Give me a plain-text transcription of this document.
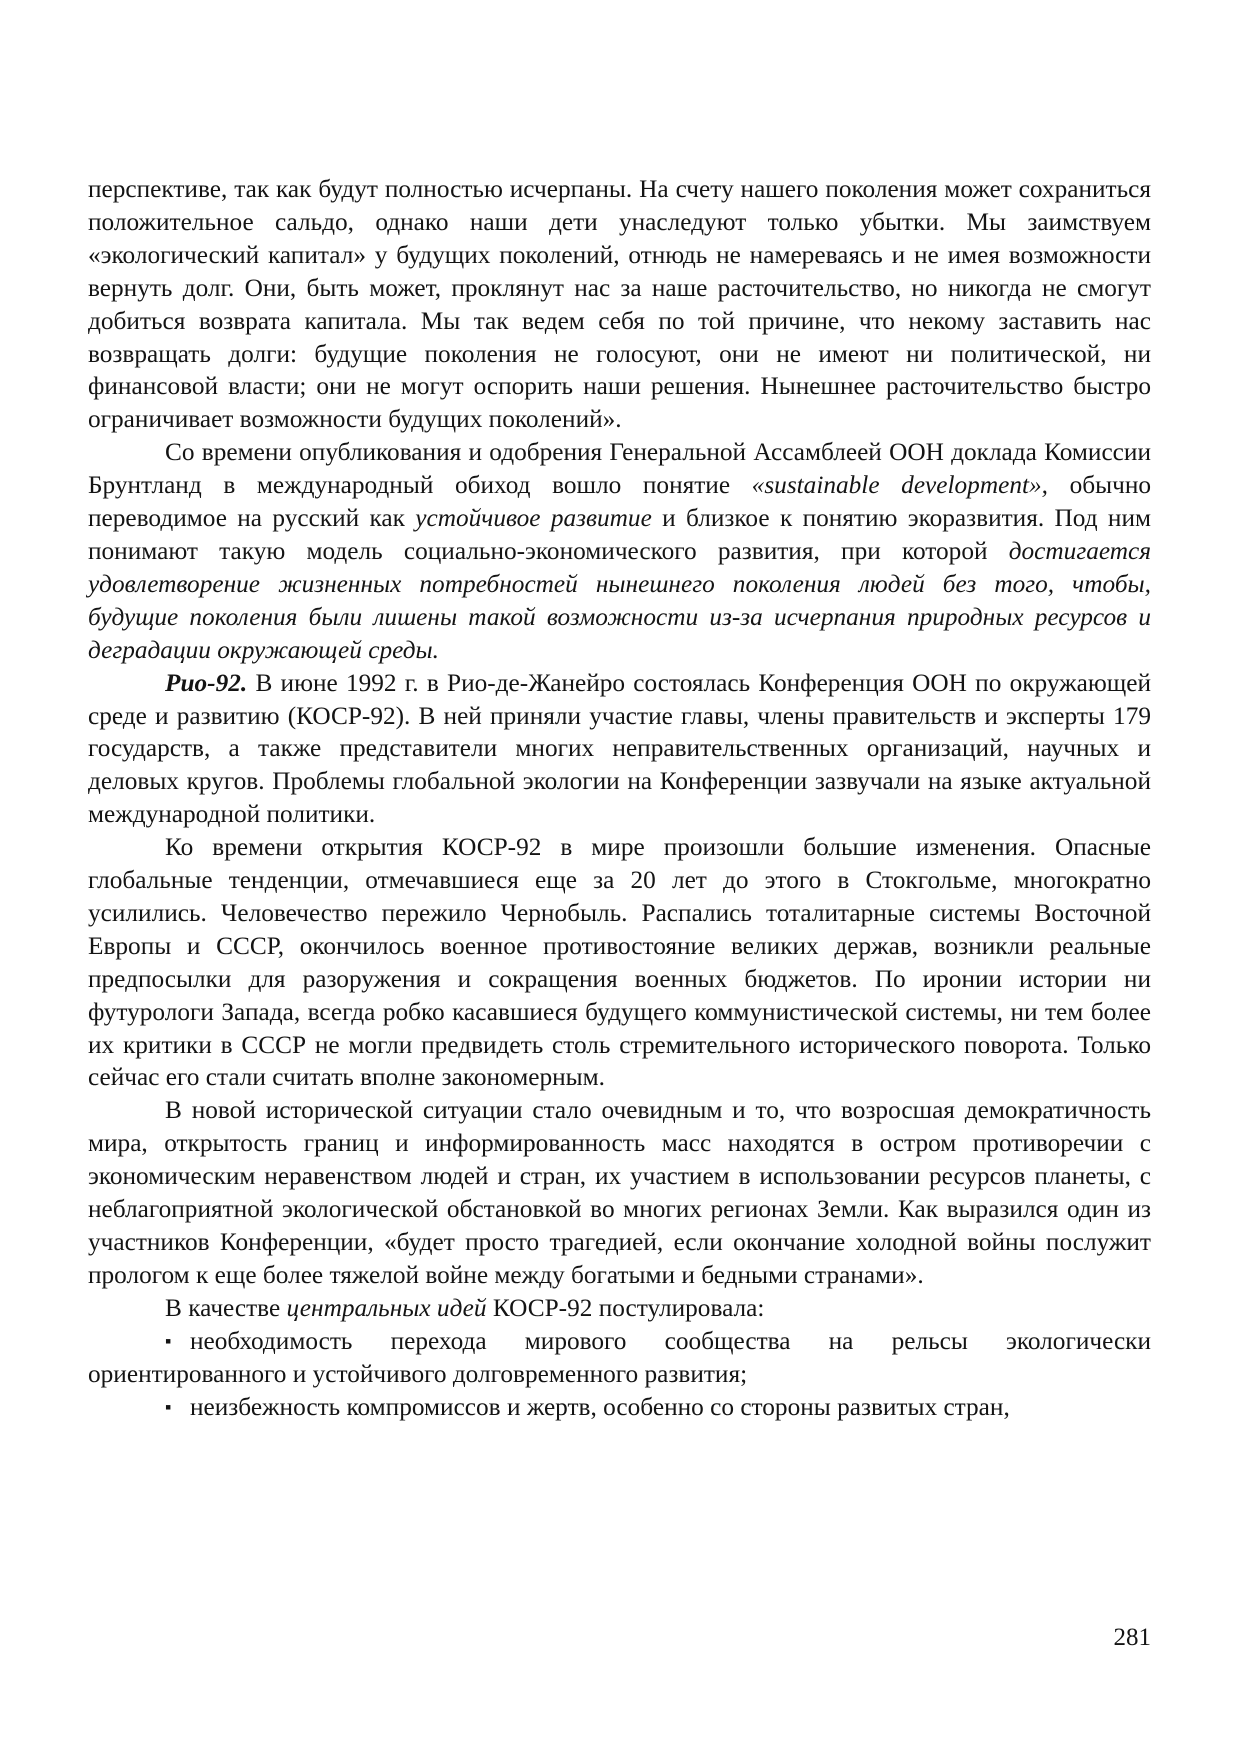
перспективе, так как будут полностью исчерпаны. На счету нашего поколения может сохраниться положительное сальдо, однако наши дети унаследуют только убытки. Мы заимствуем «экологический капитал» у будущих поколений, отнюдь не намереваясь и не имея возможности вернуть долг. Они, быть может, проклянут нас за наше расточительство, но никогда не смогут добиться возврата капитала. Мы так ведем себя по той причине, что некому заставить нас возвращать долги: будущие поколения не голосуют, они не имеют ни политической, ни финансовой власти; они не могут оспорить наши решения. Нынешнее расточительство быстро ограничивает возможности будущих поколений».

Со времени опубликования и одобрения Генеральной Ассамблеей ООН доклада Комиссии Брунтланд в международный обиход вошло понятие «sustainable development», обычно переводимое на русский как устойчивое развитие и близкое к понятию экоразвития. Под ним понимают такую модель социально-экономического развития, при которой достигается удовлетворение жизненных потребностей нынешнего поколения людей без того, чтобы, будущие поколения были лишены такой возможности из-за исчерпания природных ресурсов и деградации окружающей среды.

Рио-92. В июне 1992 г. в Рио-де-Жанейро состоялась Конференция ООН по окружающей среде и развитию (КОСР-92). В ней приняли участие главы, члены правительств и эксперты 179 государств, а также представители многих неправительственных организаций, научных и деловых кругов. Проблемы глобальной экологии на Конференции зазвучали на языке актуальной международной политики.

Ко времени открытия КОСР-92 в мире произошли большие изменения. Опасные глобальные тенденции, отмечавшиеся еще за 20 лет до этого в Стокгольме, многократно усилились. Человечество пережило Чернобыль. Распались тоталитарные системы Восточной Европы и СССР, окончилось военное противостояние великих держав, возникли реальные предпосылки для разоружения и сокращения военных бюджетов. По иронии истории ни футурологи Запада, всегда робко касавшиеся будущего коммунистической системы, ни тем более их критики в СССР не могли предвидеть столь стремительного исторического поворота. Только сейчас его стали считать вполне закономерным.

В новой исторической ситуации стало очевидным и то, что возросшая демократичность мира, открытость границ и информированность масс находятся в остром противоречии с экономическим неравенством людей и стран, их участием в использовании ресурсов планеты, с неблагоприятной экологической обстановкой во многих регионах Земли. Как выразился один из участников Конференции, «будет просто трагедией, если окончание холодной войны послужит прологом к еще более тяжелой войне между богатыми и бедными странами».

В качестве центральных идей КОСР-92 постулировала:

▪ необходимость перехода мирового сообщества на рельсы экологически ориентированного и устойчивого долговременного развития;

▪ неизбежность компромиссов и жертв, особенно со стороны развитых стран,

281
